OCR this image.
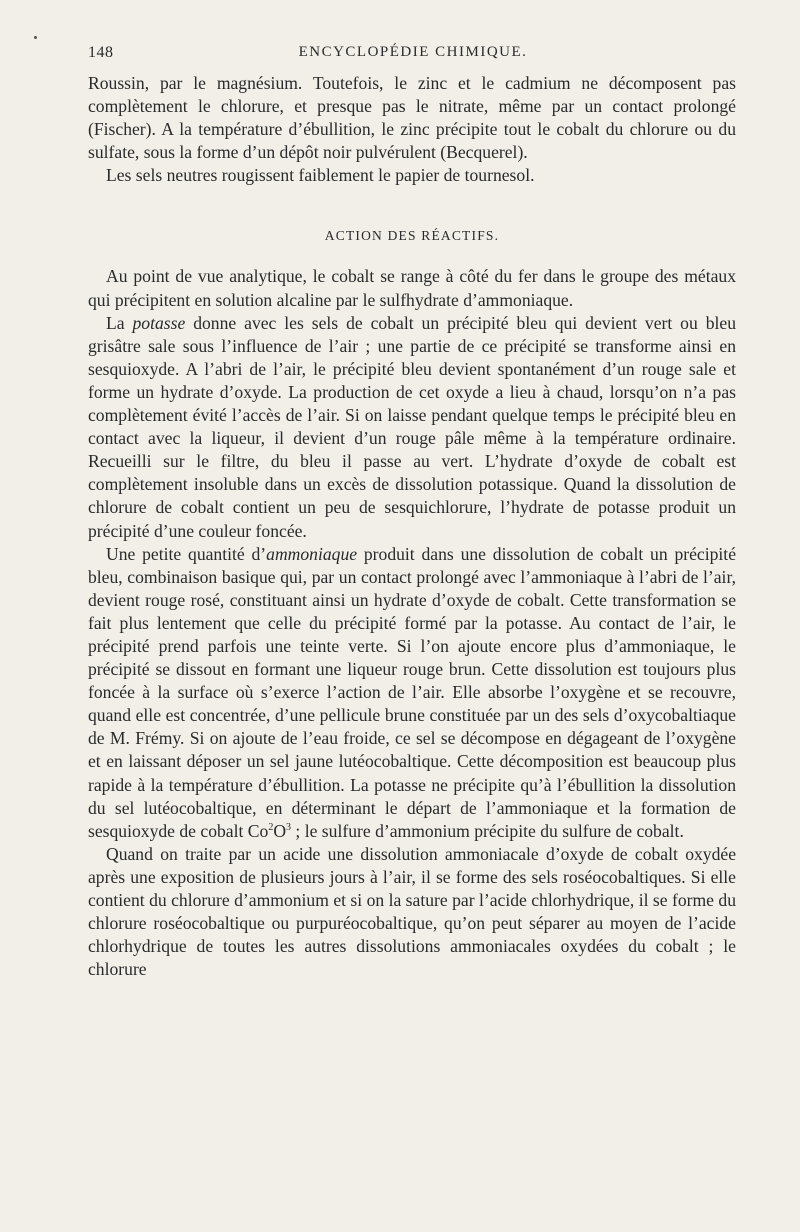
148	ENCYCLOPÉDIE CHIMIQUE.

Roussin, par le magnésium. Toutefois, le zinc et le cadmium ne décomposent pas complètement le chlorure, et presque pas le nitrate, même par un contact prolongé (Fischer). A la température d’ébullition, le zinc précipite tout le cobalt du chlorure ou du sulfate, sous la forme d’un dépôt noir pulvérulent (Becquerel).

Les sels neutres rougissent faiblement le papier de tournesol.

ACTION DES RÉACTIFS.

Au point de vue analytique, le cobalt se range à côté du fer dans le groupe des métaux qui précipitent en solution alcaline par le sulfhydrate d’ammoniaque.

La potasse donne avec les sels de cobalt un précipité bleu qui devient vert ou bleu grisâtre sale sous l’influence de l’air ; une partie de ce précipité se transforme ainsi en sesquioxyde. A l’abri de l’air, le précipité bleu devient spontanément d’un rouge sale et forme un hydrate d’oxyde. La production de cet oxyde a lieu à chaud, lorsqu’on n’a pas complètement évité l’accès de l’air. Si on laisse pendant quelque temps le précipité bleu en contact avec la liqueur, il devient d’un rouge pâle même à la température ordinaire. Recueilli sur le filtre, du bleu il passe au vert. L’hydrate d’oxyde de cobalt est complètement insoluble dans un excès de dissolution potassique. Quand la dissolution de chlorure de cobalt contient un peu de sesquichlorure, l’hydrate de potasse produit un précipité d’une couleur foncée.

Une petite quantité d’ammoniaque produit dans une dissolution de cobalt un précipité bleu, combinaison basique qui, par un contact prolongé avec l’ammoniaque à l’abri de l’air, devient rouge rosé, constituant ainsi un hydrate d’oxyde de cobalt. Cette transformation se fait plus lentement que celle du précipité formé par la potasse. Au contact de l’air, le précipité prend parfois une teinte verte. Si l’on ajoute encore plus d’ammoniaque, le précipité se dissout en formant une liqueur rouge brun. Cette dissolution est toujours plus foncée à la surface où s’exerce l’action de l’air. Elle absorbe l’oxygène et se recouvre, quand elle est concentrée, d’une pellicule brune constituée par un des sels d’oxycobaltiaque de M. Frémy. Si on ajoute de l’eau froide, ce sel se décompose en dégageant de l’oxygène et en laissant déposer un sel jaune lutéocobaltique. Cette décomposition est beaucoup plus rapide à la température d’ébullition. La potasse ne précipite qu’à l’ébullition la dissolution du sel lutéocobaltique, en déterminant le départ de l’ammoniaque et la formation de sesquioxyde de cobalt $Co^2O^3$ ; le sulfure d’ammonium précipite du sulfure de cobalt.

Quand on traite par un acide une dissolution ammoniacale d’oxyde de cobalt oxydée après une exposition de plusieurs jours à l’air, il se forme des sels roséocobaltiques. Si elle contient du chlorure d’ammonium et si on la sature par l’acide chlorhydrique, il se forme du chlorure roséocobaltique ou purpuréocobaltique, qu’on peut séparer au moyen de l’acide chlorhydrique de toutes les autres dissolutions ammoniacales oxydées du cobalt ; le chlorure
